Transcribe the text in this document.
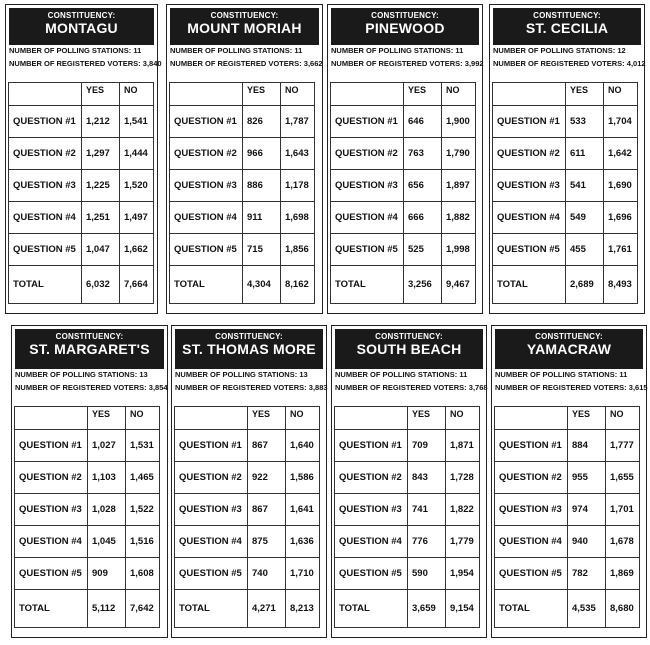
CONSTITUENCY:
MONTAGU
NUMBER OF POLLING STATIONS: 11
NUMBER OF REGISTERED VOTERS: 3,840
	YES	NO
QUESTION #1	1,212	1,541
QUESTION #2	1,297	1,444
QUESTION #3	1,225	1,520
QUESTION #4	1,251	1,497
QUESTION #5	1,047	1,662
TOTAL	6,032	7,664
CONSTITUENCY:
MOUNT MORIAH
NUMBER OF POLLING STATIONS: 11
NUMBER OF REGISTERED VOTERS: 3,662
	YES	NO
QUESTION #1	826	1,787
QUESTION #2	966	1,643
QUESTION #3	886	1,178
QUESTION #4	911	1,698
QUESTION #5	715	1,856
TOTAL	4,304	8,162
CONSTITUENCY:
PINEWOOD
NUMBER OF POLLING STATIONS: 11
NUMBER OF REGISTERED VOTERS: 3,992
	YES	NO
QUESTION #1	646	1,900
QUESTION #2	763	1,790
QUESTION #3	656	1,897
QUESTION #4	666	1,882
QUESTION #5	525	1,998
TOTAL	3,256	9,467
CONSTITUENCY:
ST. CECILIA
NUMBER OF POLLING STATIONS: 12
NUMBER OF REGISTERED VOTERS: 4,012
	YES	NO
QUESTION #1	533	1,704
QUESTION #2	611	1,642
QUESTION #3	541	1,690
QUESTION #4	549	1,696
QUESTION #5	455	1,761
TOTAL	2,689	8,493
CONSTITUENCY:
ST. MARGARET'S
NUMBER OF POLLING STATIONS: 13
NUMBER OF REGISTERED VOTERS: 3,854
	YES	NO
QUESTION #1	1,027	1,531
QUESTION #2	1,103	1,465
QUESTION #3	1,028	1,522
QUESTION #4	1,045	1,516
QUESTION #5	909	1,608
TOTAL	5,112	7,642
CONSTITUENCY:
ST. THOMAS MORE
NUMBER OF POLLING STATIONS: 13
NUMBER OF REGISTERED VOTERS: 3,883
	YES	NO
QUESTION #1	867	1,640
QUESTION #2	922	1,586
QUESTION #3	867	1,641
QUESTION #4	875	1,636
QUESTION #5	740	1,710
TOTAL	4,271	8,213
CONSTITUENCY:
SOUTH BEACH
NUMBER OF POLLING STATIONS: 11
NUMBER OF REGISTERED VOTERS: 3,768
	YES	NO
QUESTION #1	709	1,871
QUESTION #2	843	1,728
QUESTION #3	741	1,822
QUESTION #4	776	1,779
QUESTION #5	590	1,954
TOTAL	3,659	9,154
CONSTITUENCY:
YAMACRAW
NUMBER OF POLLING STATIONS: 11
NUMBER OF REGISTERED VOTERS: 3,615
	YES	NO
QUESTION #1	884	1,777
QUESTION #2	955	1,655
QUESTION #3	974	1,701
QUESTION #4	940	1,678
QUESTION #5	782	1,869
TOTAL	4,535	8,680
